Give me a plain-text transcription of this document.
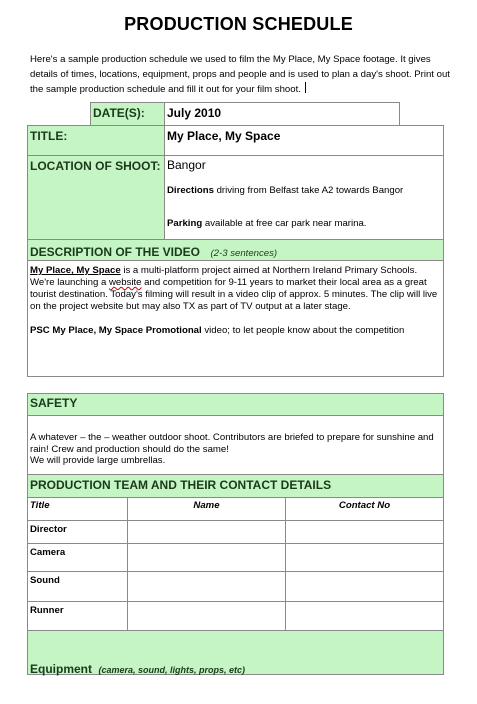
PRODUCTION SCHEDULE
Here's a sample production schedule we used to film the My Place, My Space footage. It gives details of times, locations, equipment, props and people and is used to plan a day's shoot. Print out the sample production schedule and fill it out for your film shoot.
DATE(S): July 2010
TITLE:	My Place, My Space
LOCATION OF SHOOT: Bangor
Directions driving from Belfast take A2 towards Bangor
Parking available at free car park near marina.
DESCRIPTION OF THE VIDEO (2-3 sentences)

My Place, My Space is a multi-platform project aimed at Northern Ireland Primary Schools. We're launching a website and competition for 9-11 years to market their local area as a great tourist destination. Today's filming will result in a video clip of approx. 5 minutes. The clip will live on the project website but may also TX as part of TV output at a later stage.

PSC My Place, My Space Promotional video; to let people know about the competition

SAFETY
A whatever – the – weather outdoor shoot. Contributors are briefed to prepare for sunshine and rain! Crew and production should do the same!
We will provide large umbrellas.
PRODUCTION TEAM AND THEIR CONTACT DETAILS
Title	Name	Contact No
Director
Camera
Sound
Runner
Equipment (camera, sound, lights, props, etc)
